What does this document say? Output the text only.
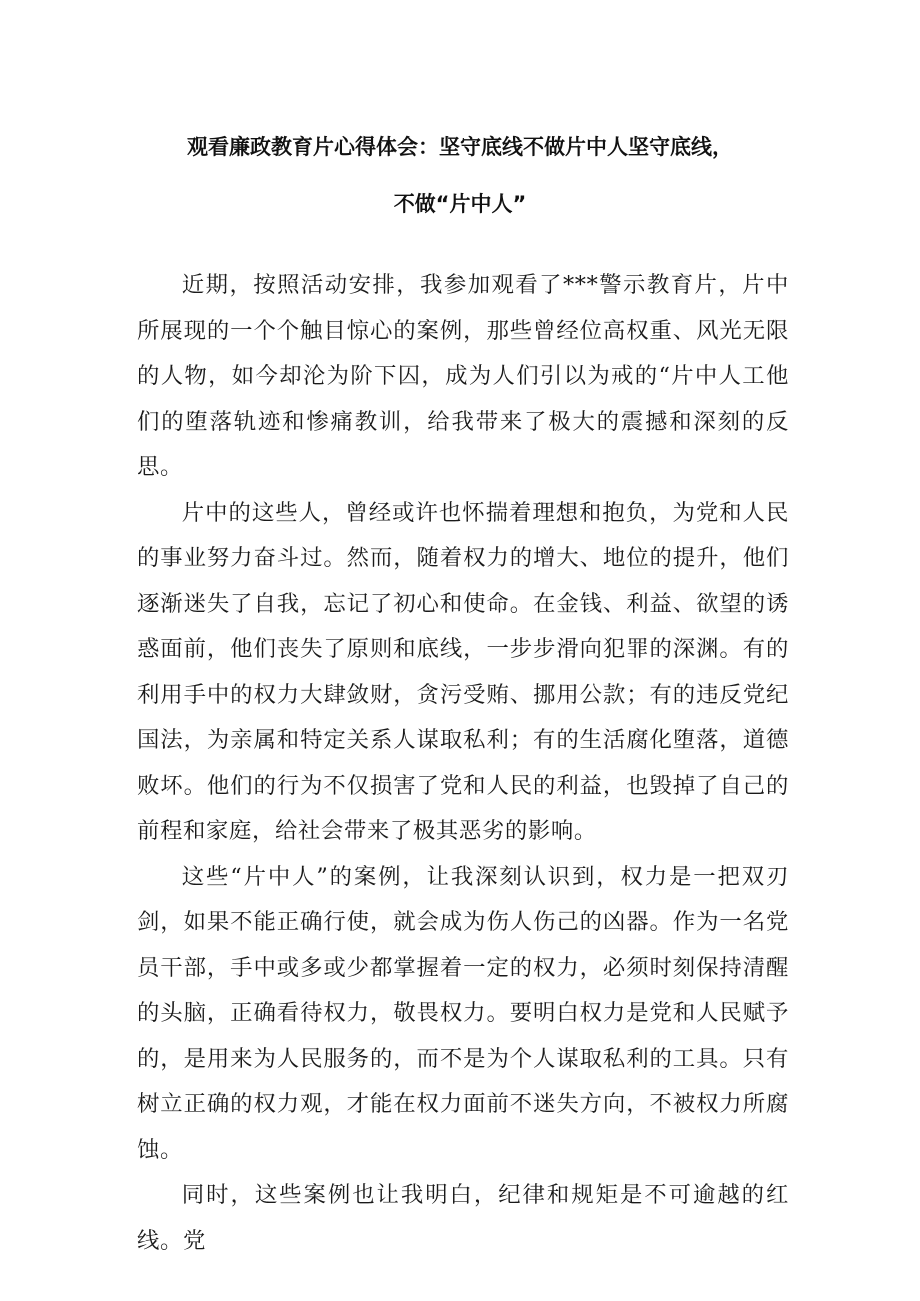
观看廉政教育片心得体会：坚守底线不做片中人坚守底线，
不做“片中人”

近期，按照活动安排，我参加观看了***警示教育片，片中所展现的一个个触目惊心的案例，那些曾经位高权重、风光无限的人物，如今却沦为阶下囚，成为人们引以为戒的“片中人工他们的堕落轨迹和惨痛教训，给我带来了极大的震撼和深刻的反思。

片中的这些人，曾经或许也怀揣着理想和抱负，为党和人民的事业努力奋斗过。然而，随着权力的增大、地位的提升，他们逐渐迷失了自我，忘记了初心和使命。在金钱、利益、欲望的诱惑面前，他们丧失了原则和底线，一步步滑向犯罪的深渊。有的利用手中的权力大肆敛财，贪污受贿、挪用公款；有的违反党纪国法，为亲属和特定关系人谋取私利；有的生活腐化堕落，道德败坏。他们的行为不仅损害了党和人民的利益，也毁掉了自己的前程和家庭，给社会带来了极其恶劣的影响。

这些“片中人”的案例，让我深刻认识到，权力是一把双刃剑，如果不能正确行使，就会成为伤人伤己的凶器。作为一名党员干部，手中或多或少都掌握着一定的权力，必须时刻保持清醒的头脑，正确看待权力，敬畏权力。要明白权力是党和人民赋予的，是用来为人民服务的，而不是为个人谋取私利的工具。只有树立正确的权力观，才能在权力面前不迷失方向，不被权力所腐蚀。

同时，这些案例也让我明白，纪律和规矩是不可逾越的红线。党
